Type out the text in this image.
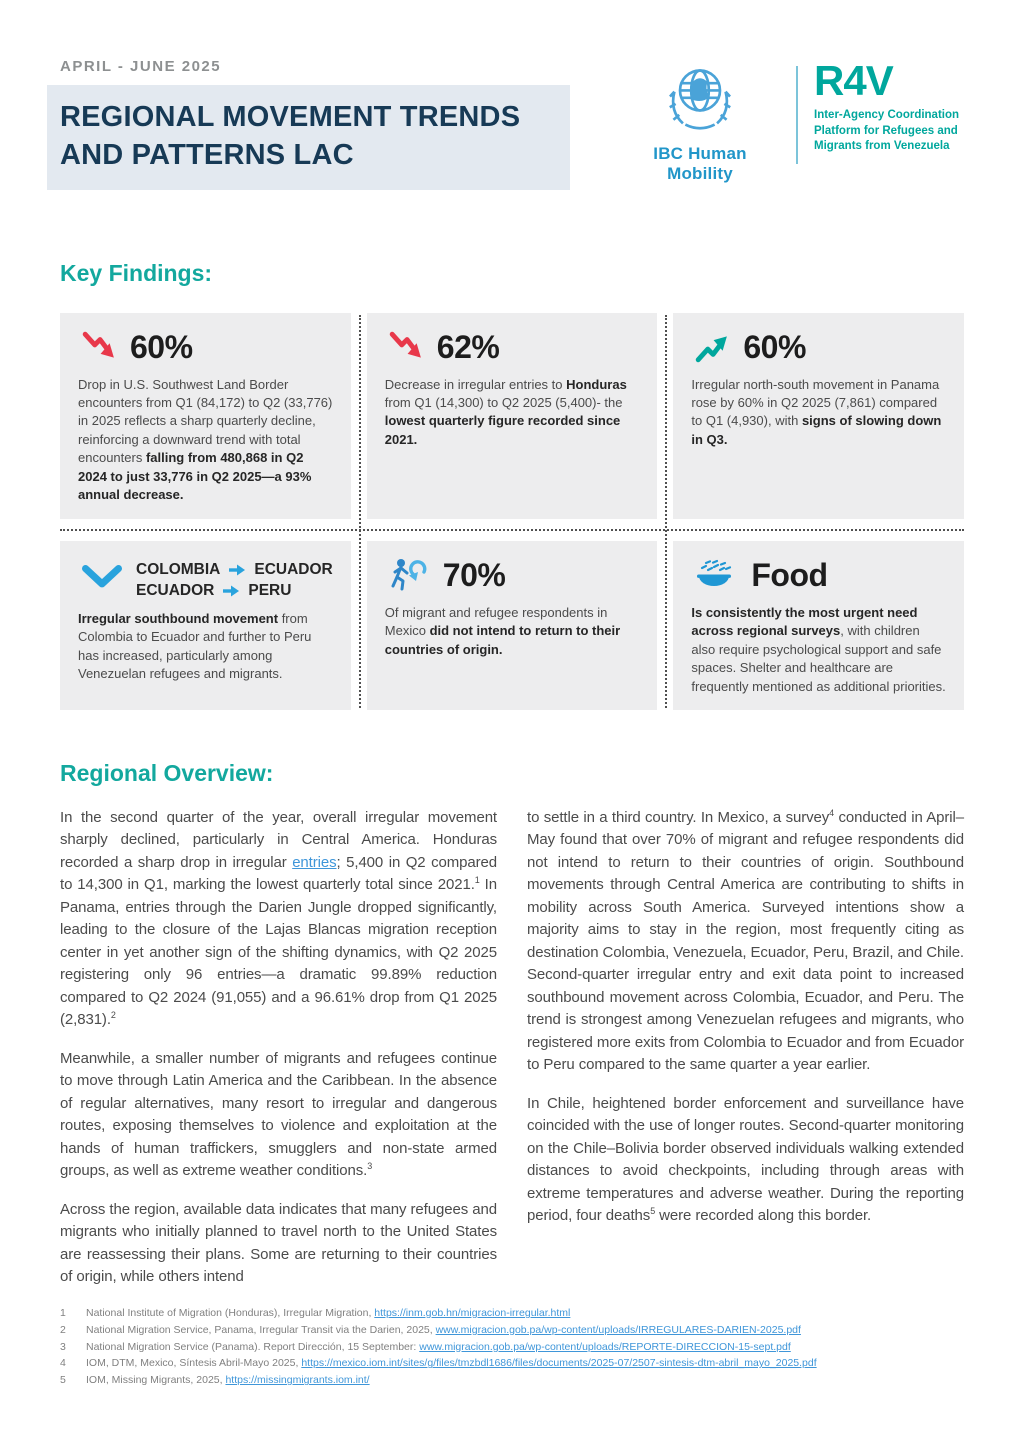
APRIL - JUNE 2025
REGIONAL MOVEMENT TRENDS
AND PATTERNS LAC	IBC Human Mobility
R4V
Inter-Agency Coordination Platform for Refugees and Migrants from Venezuela
Key Findings:
60%
Drop in U.S. Southwest Land Border encounters from Q1 (84,172) to Q2 (33,776) in 2025 reflects a sharp quarterly decline, reinforcing a downward trend with total encounters falling from 480,868 in Q2 2024 to just 33,776 in Q2 2025—a 93% annual decrease.
62%
Decrease in irregular entries to Honduras from Q1 (14,300) to Q2 2025 (5,400)- the lowest quarterly figure recorded since 2021.
60%
Irregular north-south movement in Panama rose by 60% in Q2 2025 (7,861) compared to Q1 (4,930), with signs of slowing down in Q3.
COLOMBIA ECUADOR
ECUADOR PERU
Irregular southbound movement from Colombia to Ecuador and further to Peru has increased, particularly among Venezuelan refugees and migrants.
70%
Of migrant and refugee respondents in Mexico did not intend to return to their countries of origin.
Food
Is consistently the most urgent need across regional surveys, with children also require psychological support and safe spaces. Shelter and healthcare are frequently mentioned as additional priorities.
Regional Overview:

In the second quarter of the year, overall irregular movement sharply declined, particularly in Central America. Honduras recorded a sharp drop in irregular entries; 5,400 in Q2 compared to 14,300 in Q1, marking the lowest quarterly total since 2021.$^1$ In Panama, entries through the Darien Jungle dropped significantly, leading to the closure of the Lajas Blancas migration reception center in yet another sign of the shifting dynamics, with Q2 2025 registering only 96 entries—a dramatic 99.89% reduction compared to Q2 2024 (91,055) and a 96.61% drop from Q1 2025 (2,831).$^2$

Meanwhile, a smaller number of migrants and refugees continue to move through Latin America and the Caribbean. In the absence of regular alternatives, many resort to irregular and dangerous routes, exposing themselves to violence and exploitation at the hands of human traffickers, smugglers and non-state armed groups, as well as extreme weather conditions.$^3$

Across the region, available data indicates that many refugees and migrants who initially planned to travel north to the United States are reassessing their plans. Some are returning to their countries of origin, while others intend

to settle in a third country. In Mexico, a survey$^4$ conducted in April–May found that over 70% of migrant and refugee respondents did not intend to return to their countries of origin. Southbound movements through Central America are contributing to shifts in mobility across South America. Surveyed intentions show a majority aims to stay in the region, most frequently citing as destination Colombia, Venezuela, Ecuador, Peru, Brazil, and Chile. Second-quarter irregular entry and exit data point to increased southbound movement across Colombia, Ecuador, and Peru. The trend is strongest among Venezuelan refugees and migrants, who registered more exits from Colombia to Ecuador and from Ecuador to Peru compared to the same quarter a year earlier.

In Chile, heightened border enforcement and surveillance have coincided with the use of longer routes. Second-quarter monitoring on the Chile–Bolivia border observed individuals walking extended distances to avoid checkpoints, including through areas with extreme temperatures and adverse weather. During the reporting period, four deaths$^5$ were recorded along this border.

1	National Institute of Migration (Honduras), Irregular Migration, https://inm.gob.hn/migracion-irregular.html
2	National Migration Service, Panama, Irregular Transit via the Darien, 2025, www.migracion.gob.pa/wp-content/uploads/IRREGULARES-DARIEN-2025.pdf
3	National Migration Service (Panama). Report Dirección, 15 September: www.migracion.gob.pa/wp-content/uploads/REPORTE-DIRECCION-15-sept.pdf
4	IOM, DTM, Mexico, Síntesis Abril-Mayo 2025, https://mexico.iom.int/sites/g/files/tmzbdl1686/files/documents/2025-07/2507-sintesis-dtm-abril_mayo_2025.pdf
5	IOM, Missing Migrants, 2025, https://missingmigrants.iom.int/
